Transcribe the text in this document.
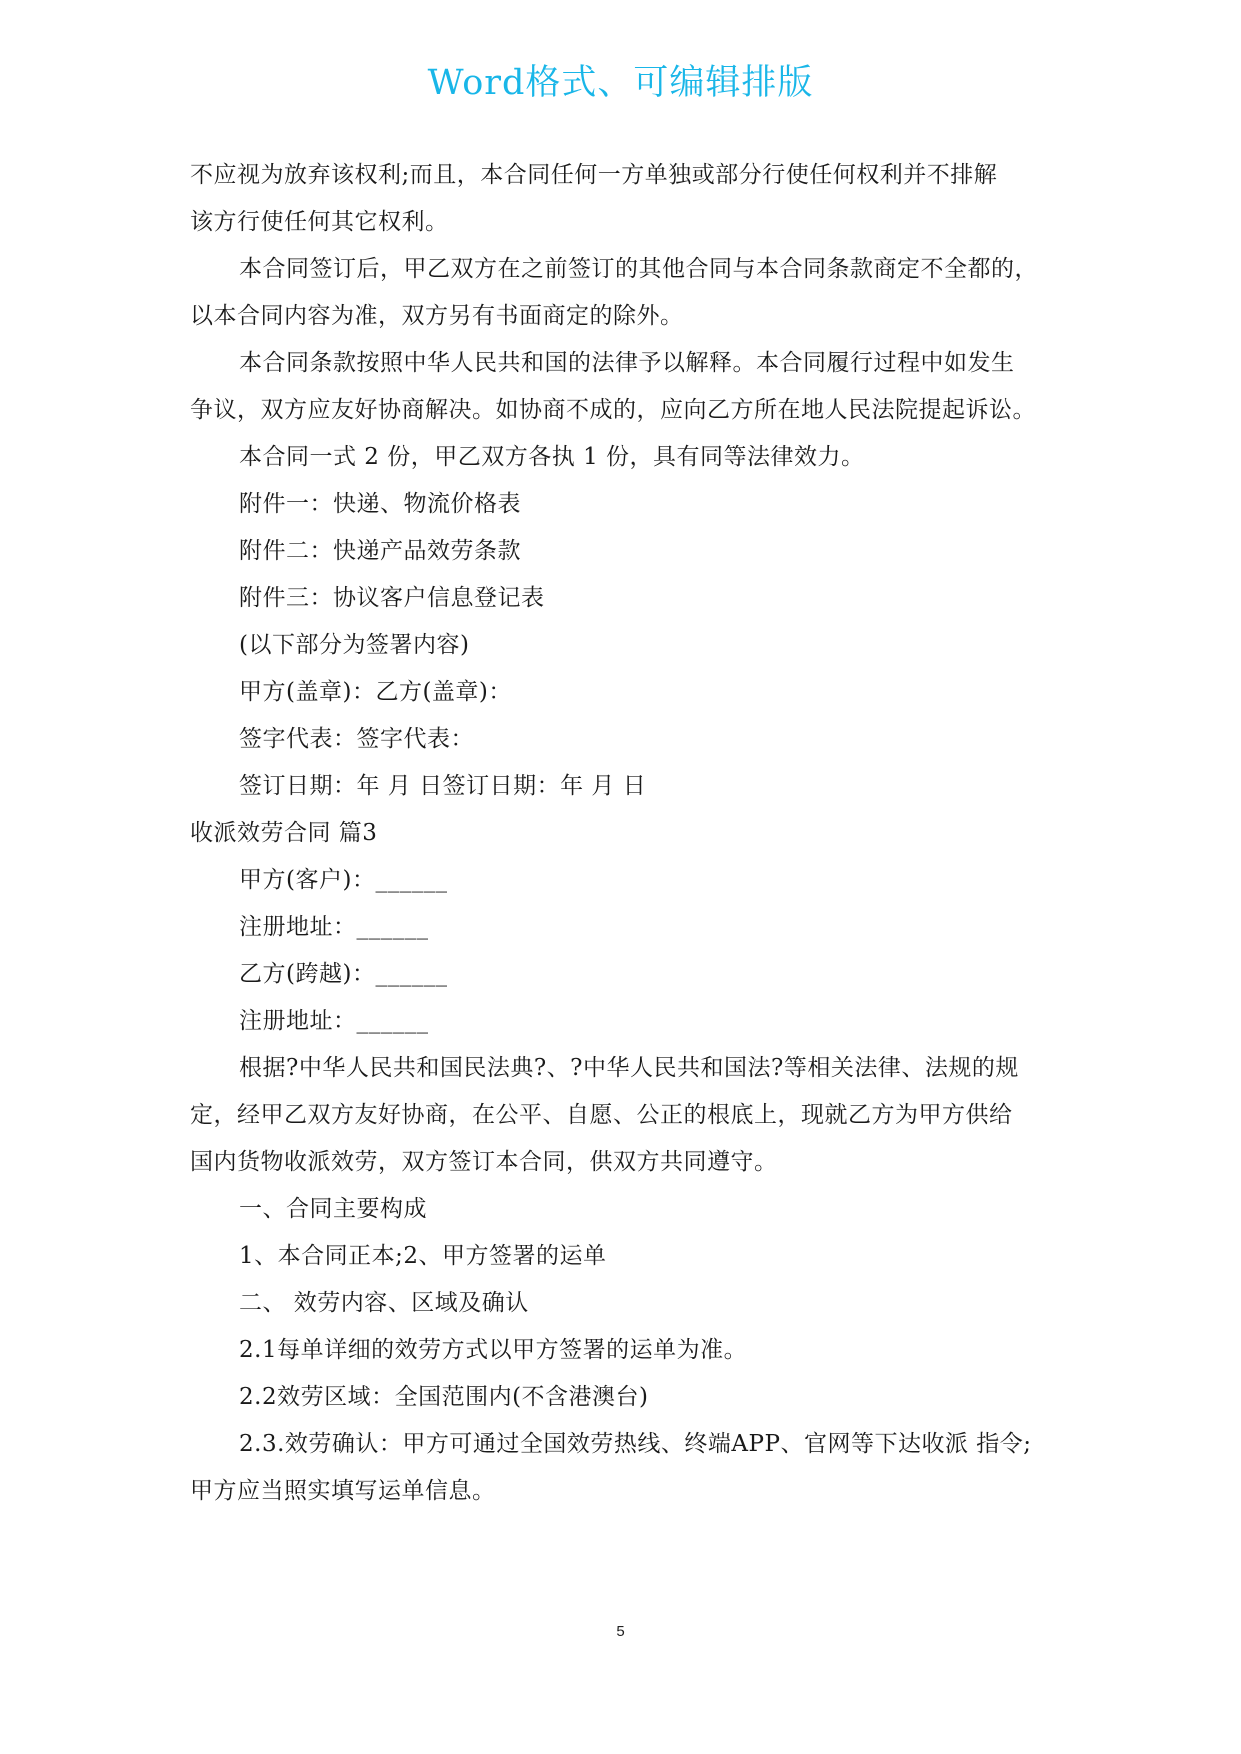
Word格式、可编辑排版
不应视为放弃该权利;而且，本合同任何一方单独或部分行使任何权利并不排解
该方行使任何其它权利。
本合同签订后，甲乙双方在之前签订的其他合同与本合同条款商定不全都的，
以本合同内容为准，双方另有书面商定的除外。
本合同条款按照中华人民共和国的法律予以解释。本合同履行过程中如发生
争议，双方应友好协商解决。如协商不成的，应向乙方所在地人民法院提起诉讼。
本合同一式 2 份，甲乙双方各执 1 份，具有同等法律效力。
附件一：快递、物流价格表
附件二：快递产品效劳条款
附件三：协议客户信息登记表
(以下部分为签署内容)
甲方(盖章)：乙方(盖章)：
签字代表：签字代表：
签订日期：年 月 日签订日期：年 月 日
收派效劳合同 篇3
甲方(客户)：______
注册地址：______
乙方(跨越)：______
注册地址：______
根据?中华人民共和国民法典?、?中华人民共和国法?等相关法律、法规的规
定，经甲乙双方友好协商，在公平、自愿、公正的根底上，现就乙方为甲方供给
国内货物收派效劳，双方签订本合同，供双方共同遵守。
一、合同主要构成
1、本合同正本;2、甲方签署的运单
二、 效劳内容、区域及确认
2.1每单详细的效劳方式以甲方签署的运单为准。
2.2效劳区域：全国范围内(不含港澳台)
2.3.效劳确认：甲方可通过全国效劳热线、终端APP、官网等下达收派 指令;
甲方应当照实填写运单信息。
5
